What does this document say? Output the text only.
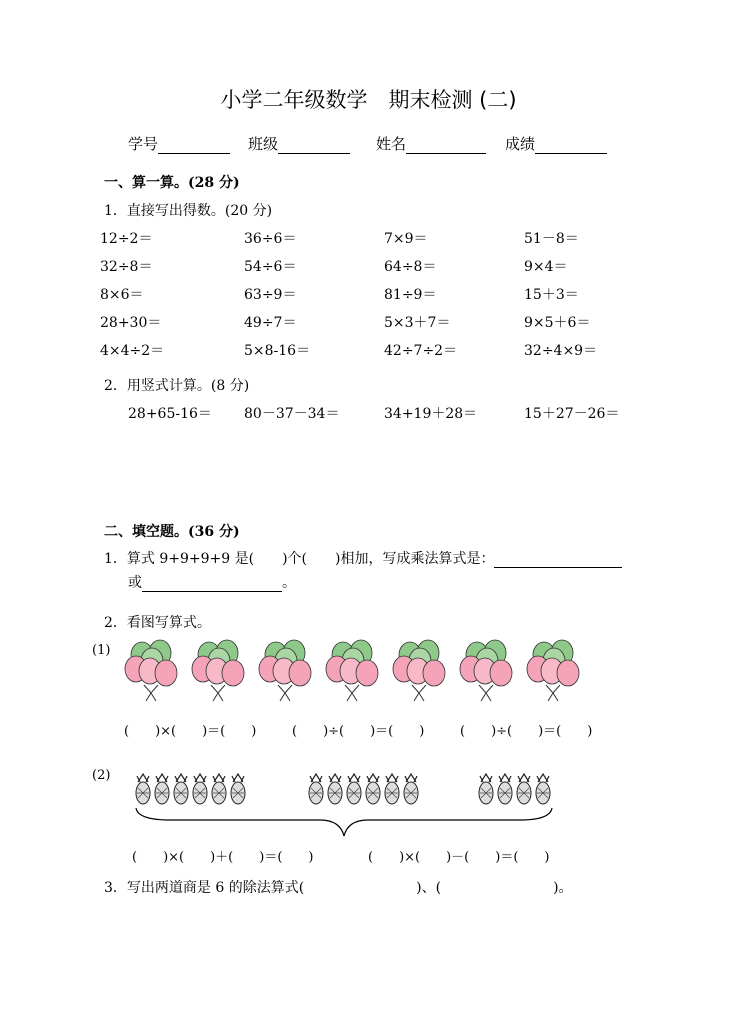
小学二年级数学　期末检测 (二)
学号	班级	姓名	成绩
一、算一算。(28 分)
1．直接写出得数。(20 分)
12÷2＝	36÷6＝	7×9＝	51－8＝
32÷8＝	54÷6＝	64÷8＝	9×4＝
8×6＝	63÷9＝	81÷9＝	15＋3＝
28+30＝	49÷7＝	5×3＋7＝	9×5＋6＝
4×4÷2＝	5×8-16＝	42÷7÷2＝	32÷4×9＝
2．用竖式计算。(8 分)
28+65-16＝ 80－37－34＝	34+19＋28＝	15＋27－26＝
二、填空题。(36 分)
1．算式 9+9+9+9 是(　　)个(　　)相加，写成乘法算式是：
或	。
2．看图写算式。
(1)
(　　)×(　　)＝(　　)	(　　)÷(　　)＝(　　)	(　　)÷(　　)＝(　　)
(2)
(　　)×(　　)＋(　　)＝(　　)	(　　)×(　　)－(　　)＝(　　)
3．写出两道商是 6 的除法算式(　　　　　　　　)、(　　　　　　　　)。
